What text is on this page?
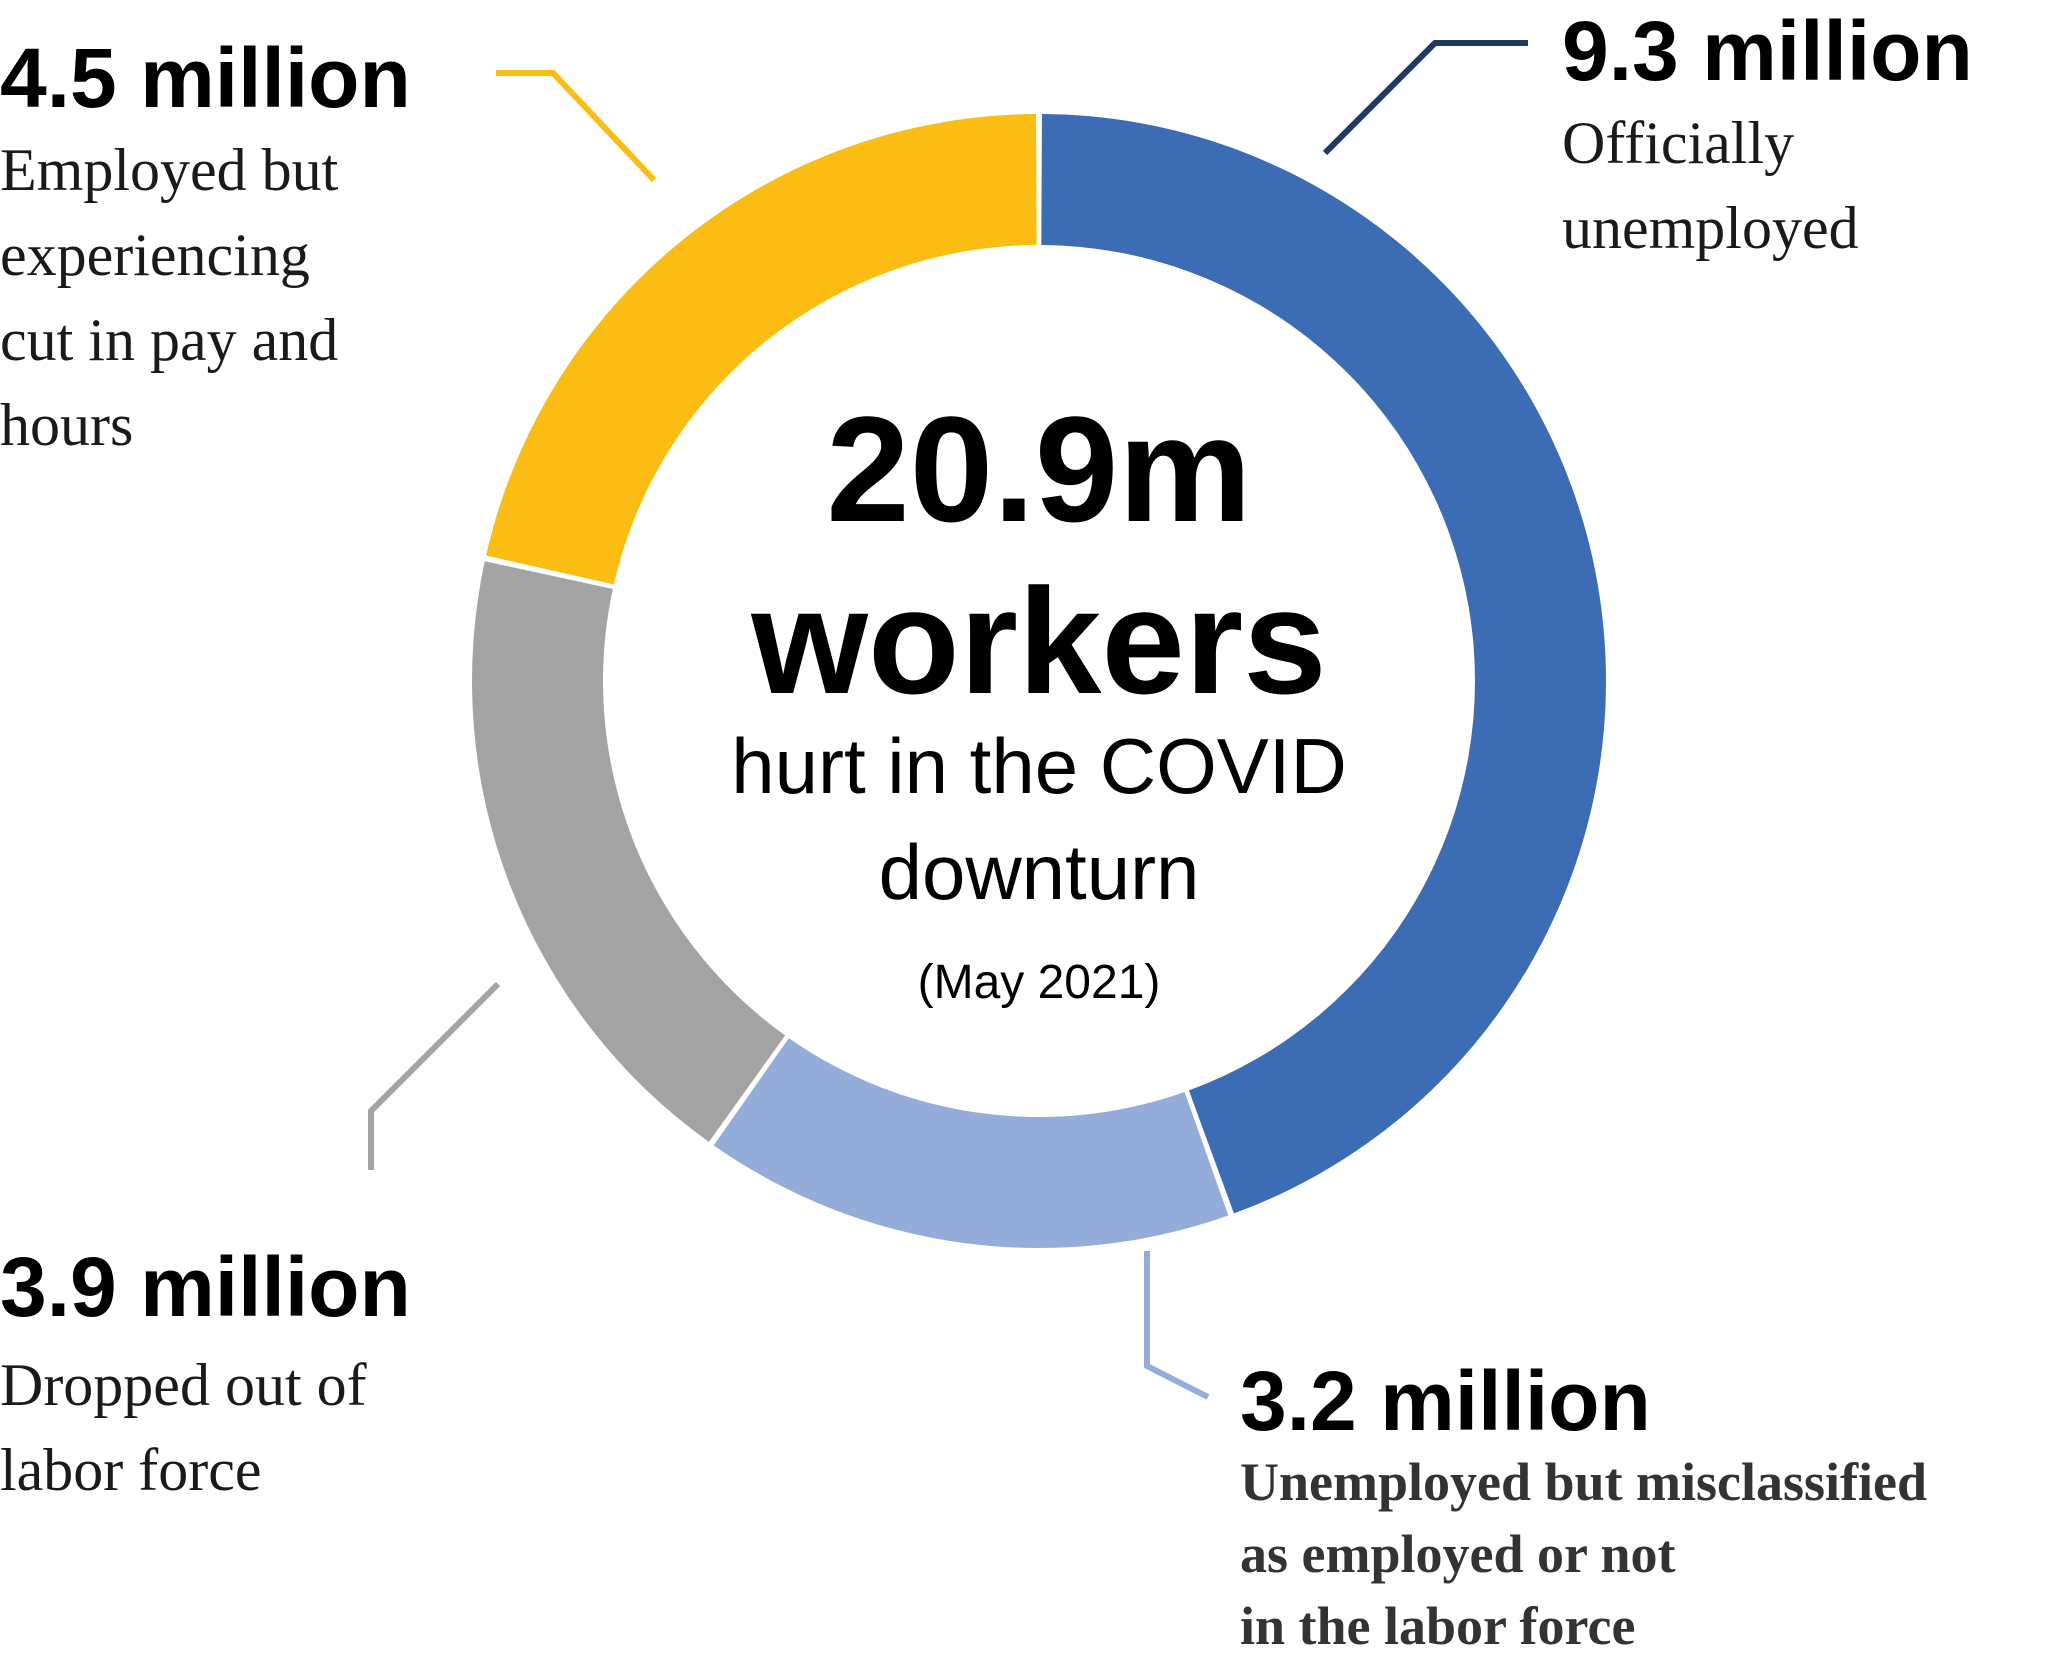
20.9m
workers
hurt in the COVID
downturn
(May 2021)
9.3 million
Officially
unemployed
3.2 million
Unemployed but misclassified
as employed or not
in the labor force
3.9 million
Dropped out of
labor force
4.5 million
Employed but
experiencing
cut in pay and
hours
